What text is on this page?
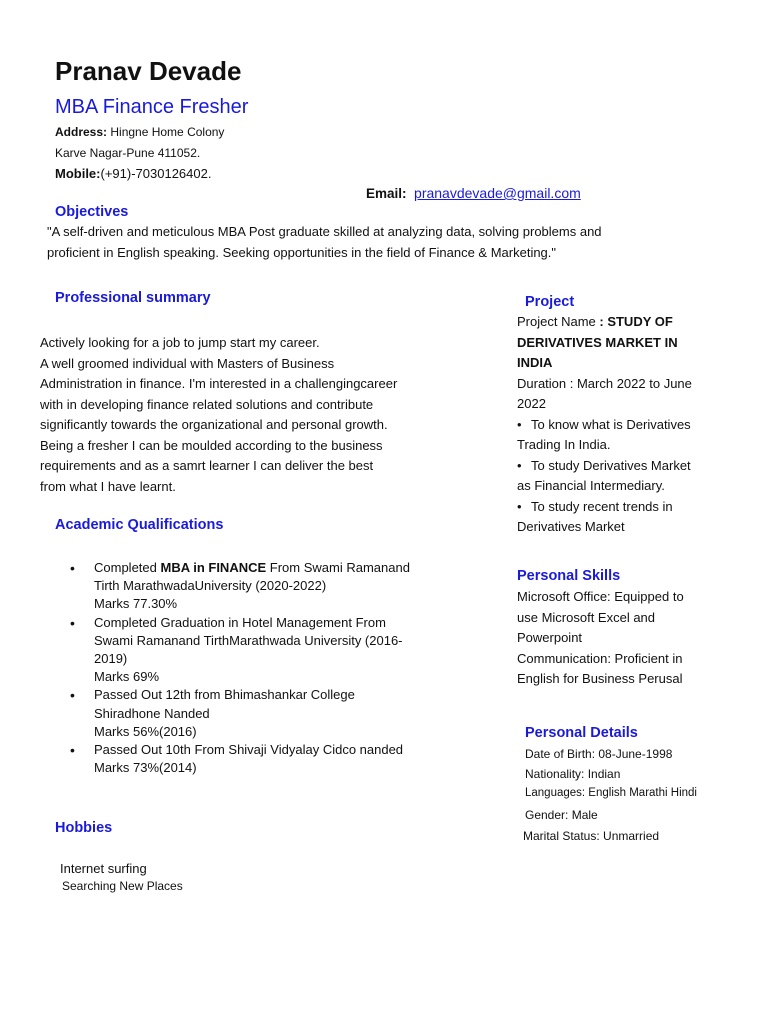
Pranav Devade
MBA Finance Fresher
Address: Hingne Home Colony
Karve Nagar-Pune 411052.
Mobile:(+91)-7030126402.
Email: pranavdevade@gmail.com
Objectives
"A self-driven and meticulous MBA Post graduate skilled at analyzing data, solving problems and
proficient in English speaking. Seeking opportunities in the field of Finance & Marketing."
Professional summary
Actively looking for a job to jump start my career.
A well groomed individual with Masters of Business
Administration in finance. I'm interested in a challengingcareer
with in developing finance related solutions and contribute
significantly towards the organizational and personal growth.
Being a fresher I can be moulded according to the business
requirements and as a samrt learner I can deliver the best
from what I have learnt.
Academic Qualifications
• Completed MBA in FINANCE From Swami Ramanand
Tirth MarathwadaUniversity (2020-2022)
Marks 77.30%
• Completed Graduation in Hotel Management From
Swami Ramanand TirthMarathwada University (2016-
2019)
Marks 69%
• Passed Out 12th from Bhimashankar College
Shiradhone Nanded
Marks 56%(2016)
• Passed Out 10th From Shivaji Vidyalay Cidco nanded
Marks 73%(2014)
Hobbies
Internet surfing
Searching New Places
Project
Project Name : STUDY OF
DERIVATIVES MARKET IN
INDIA
Duration : March 2022 to June
2022
• To know what is Derivatives
Trading In India.
• To study Derivatives Market
as Financial Intermediary.
• To study recent trends in
Derivatives Market
Personal Skills
Microsoft Office: Equipped to
use Microsoft Excel and
Powerpoint
Communication: Proficient in
English for Business Perusal
Personal Details
Date of Birth: 08-June-1998
Nationality: Indian
Languages: English Marathi Hindi
Gender: Male
Marital Status: Unmarried
